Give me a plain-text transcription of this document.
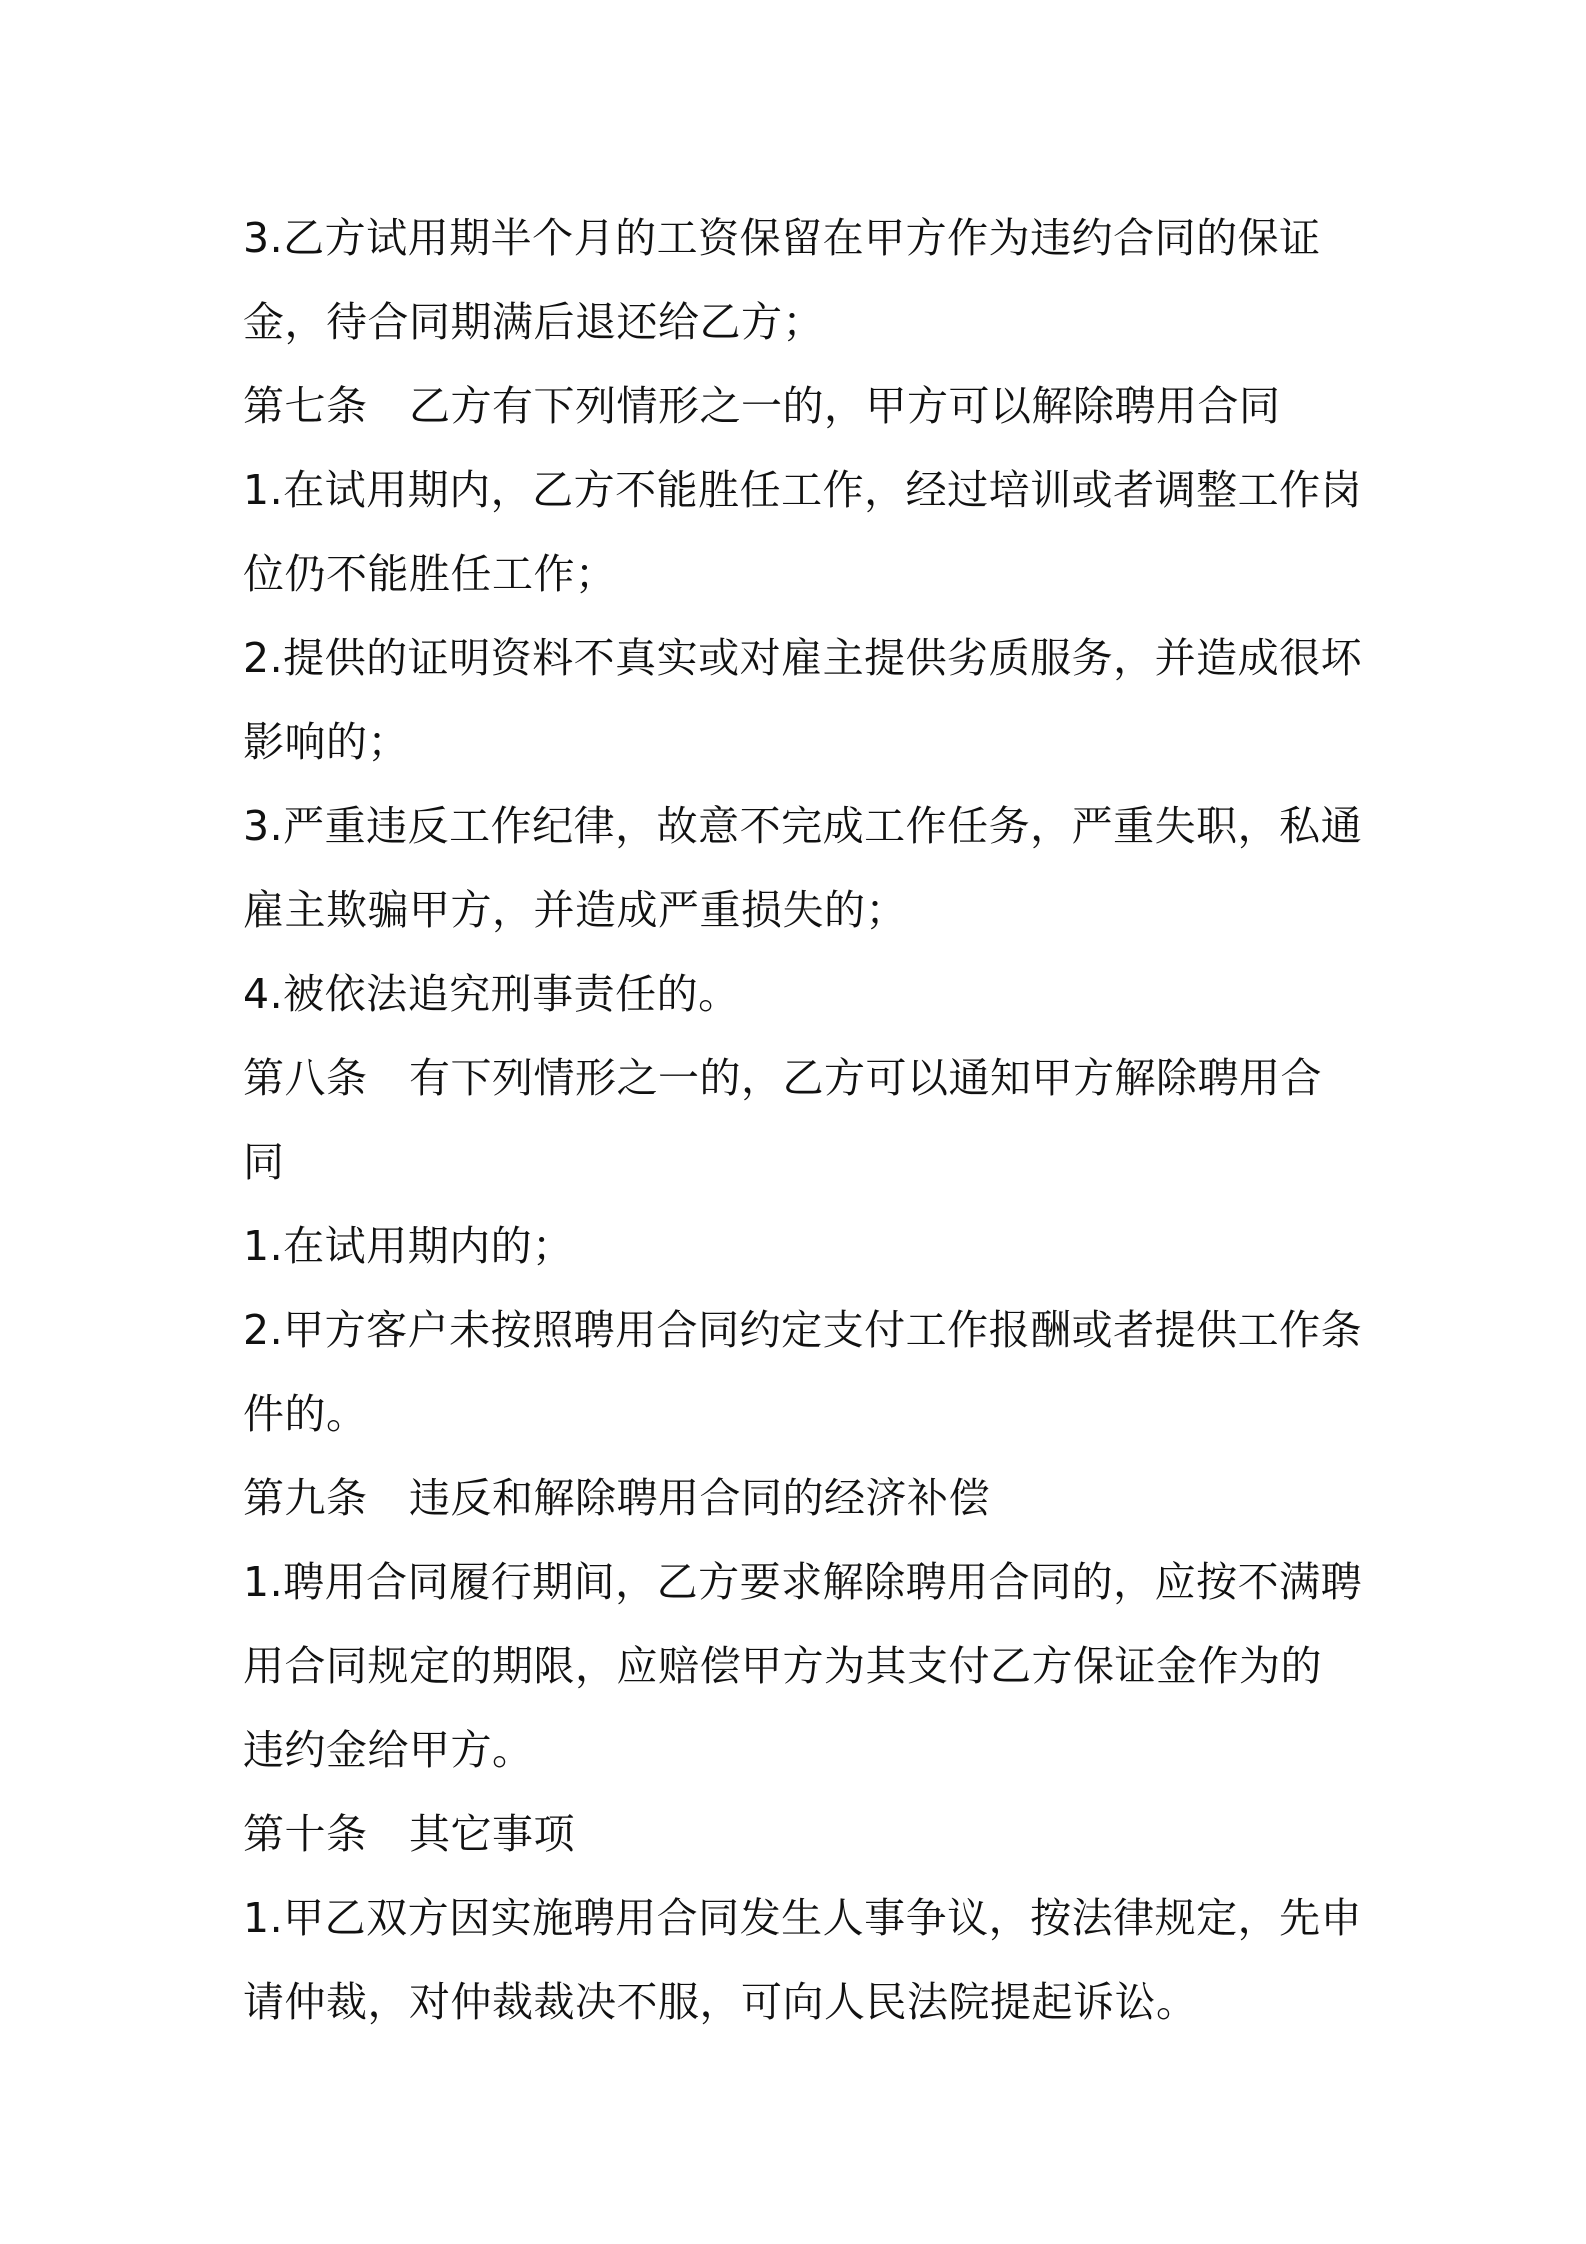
3.乙方试用期半个月的工资保留在甲方作为违约合同的保证金，待合同期满后退还给乙方；

第七条　乙方有下列情形之一的，甲方可以解除聘用合同

1.在试用期内，乙方不能胜任工作，经过培训或者调整工作岗位仍不能胜任工作；

2.提供的证明资料不真实或对雇主提供劣质服务，并造成很坏影响的；

3.严重违反工作纪律，故意不完成工作任务，严重失职，私通雇主欺骗甲方，并造成严重损失的；

4.被依法追究刑事责任的。

第八条　有下列情形之一的，乙方可以通知甲方解除聘用合同

1.在试用期内的；

2.甲方客户未按照聘用合同约定支付工作报酬或者提供工作条件的。

第九条　违反和解除聘用合同的经济补偿

1.聘用合同履行期间，乙方要求解除聘用合同的，应按不满聘用合同规定的期限，应赔偿甲方为其支付乙方保证金作为的违约金给甲方。

第十条　其它事项

1.甲乙双方因实施聘用合同发生人事争议，按法律规定，先申请仲裁，对仲裁裁决不服，可向人民法院提起诉讼。
